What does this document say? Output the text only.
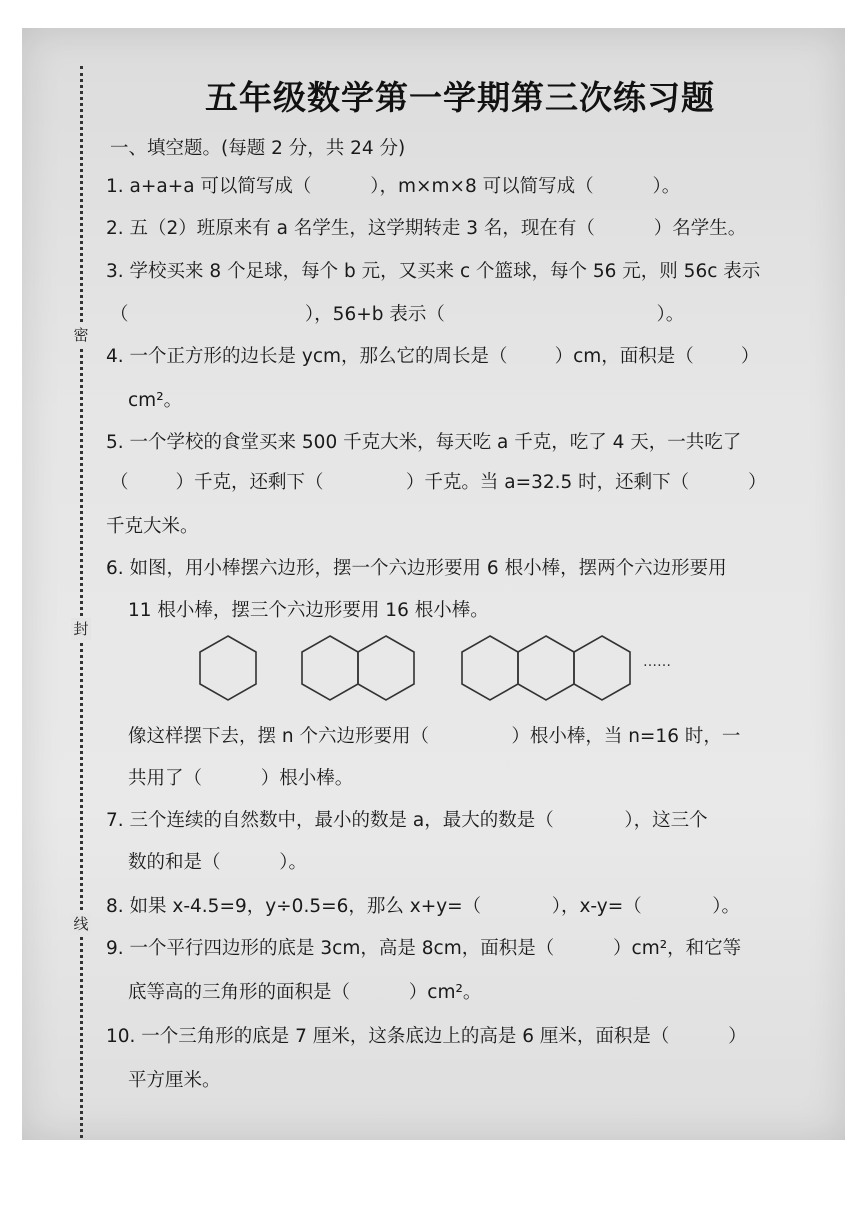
密
封
线
五年级数学第一学期第三次练习题
一、填空题。(每题 2 分，共 24 分)
1. a+a+a 可以简写成（          ），m×m×8 可以简写成（          ）。
2. 五（2）班原来有 a 名学生，这学期转走 3 名，现在有（          ）名学生。
3. 学校买来 8 个足球，每个 b 元，又买来 c 个篮球，每个 56 元，则 56c 表示
（                              ），56+b 表示（                                    ）。
4. 一个正方形的边长是 ycm，那么它的周长是（        ）cm，面积是（        ）
cm²。
5. 一个学校的食堂买来 500 千克大米，每天吃 a 千克，吃了 4 天，一共吃了
（        ）千克，还剩下（              ）千克。当 a=32.5 时，还剩下（          ）
千克大米。
6. 如图，用小棒摆六边形，摆一个六边形要用 6 根小棒，摆两个六边形要用
11 根小棒，摆三个六边形要用 16 根小棒。
……
像这样摆下去，摆 n 个六边形要用（              ）根小棒，当 n=16 时，一
共用了（          ）根小棒。
7. 三个连续的自然数中，最小的数是 a，最大的数是（            ），这三个
数的和是（          ）。
8. 如果 x-4.5=9，y÷0.5=6，那么 x+y=（            ），x-y=（            ）。
9. 一个平行四边形的底是 3cm，高是 8cm，面积是（          ）cm²，和它等
底等高的三角形的面积是（          ）cm²。
10. 一个三角形的底是 7 厘米，这条底边上的高是 6 厘米，面积是（          ）
平方厘米。
